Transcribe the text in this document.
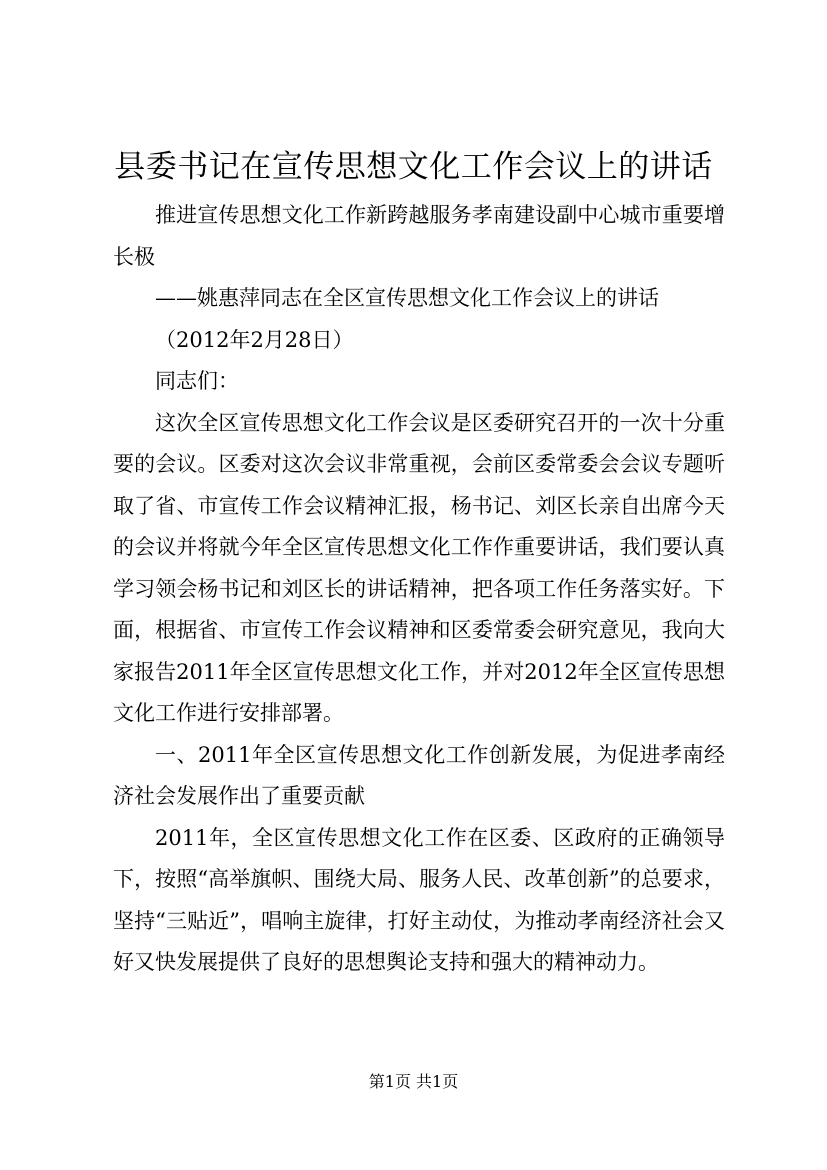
县委书记在宣传思想文化工作会议上的讲话

推进宣传思想文化工作新跨越服务孝南建设副中心城市重要增长极

——姚惠萍同志在全区宣传思想文化工作会议上的讲话

（2012年2月28日）

同志们：

这次全区宣传思想文化工作会议是区委研究召开的一次十分重要的会议。区委对这次会议非常重视，会前区委常委会会议专题听取了省、市宣传工作会议精神汇报，杨书记、刘区长亲自出席今天的会议并将就今年全区宣传思想文化工作作重要讲话，我们要认真学习领会杨书记和刘区长的讲话精神，把各项工作任务落实好。下面，根据省、市宣传工作会议精神和区委常委会研究意见，我向大家报告2011年全区宣传思想文化工作，并对2012年全区宣传思想文化工作进行安排部署。

一、2011年全区宣传思想文化工作创新发展，为促进孝南经济社会发展作出了重要贡献

2011年，全区宣传思想文化工作在区委、区政府的正确领导下，按照“高举旗帜、围绕大局、服务人民、改革创新”的总要求，坚持“三贴近”，唱响主旋律，打好主动仗，为推动孝南经济社会又好又快发展提供了良好的思想舆论支持和强大的精神动力。

第1页 共1页
